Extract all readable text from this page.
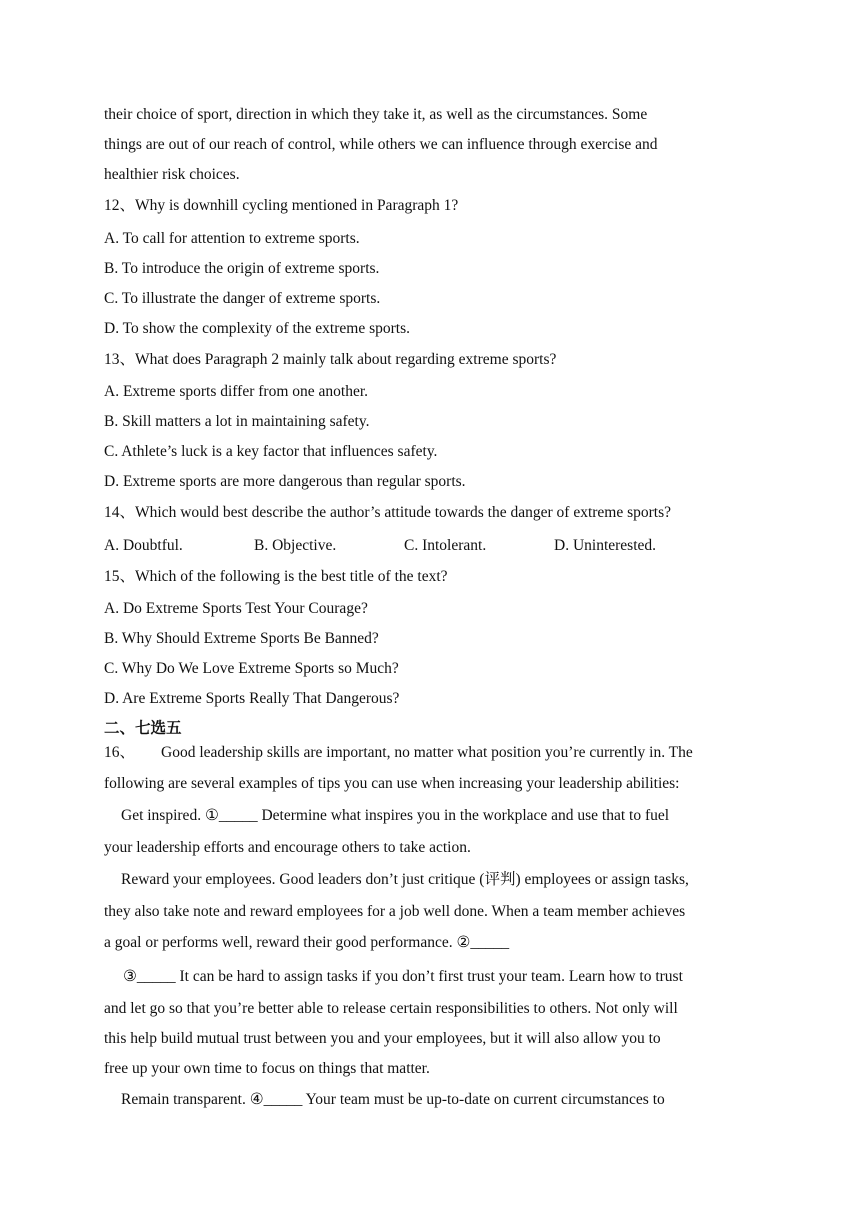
their choice of sport, direction in which they take it, as well as the circumstances. Some
things are out of our reach of control, while others we can influence through exercise and
healthier risk choices.
12、Why is downhill cycling mentioned in Paragraph 1?
A. To call for attention to extreme sports.
B. To introduce the origin of extreme sports.
C. To illustrate the danger of extreme sports.
D. To show the complexity of the extreme sports.
13、What does Paragraph 2 mainly talk about regarding extreme sports?
A. Extreme sports differ from one another.
B. Skill matters a lot in maintaining safety.
C. Athlete’s luck is a key factor that influences safety.
D. Extreme sports are more dangerous than regular sports.
14、Which would best describe the author’s attitude towards the danger of extreme sports?
A. Doubtful.	B. Objective.	C. Intolerant.	D. Uninterested.
15、Which of the following is the best title of the text?
A. Do Extreme Sports Test Your Courage?
B. Why Should Extreme Sports Be Banned?
C. Why Do We Love Extreme Sports so Much?
D. Are Extreme Sports Really That Dangerous?
二、七选五
16、 Good leadership skills are important, no matter what position you’re currently in. The
following are several examples of tips you can use when increasing your leadership abilities:
Get inspired. ①_____ Determine what inspires you in the workplace and use that to fuel
your leadership efforts and encourage others to take action.
Reward your employees. Good leaders don’t just critique (评判) employees or assign tasks,
they also take note and reward employees for a job well done. When a team member achieves
a goal or performs well, reward their good performance. ②_____
③_____ It can be hard to assign tasks if you don’t first trust your team. Learn how to trust
and let go so that you’re better able to release certain responsibilities to others. Not only will
this help build mutual trust between you and your employees, but it will also allow you to
free up your own time to focus on things that matter.
Remain transparent. ④_____ Your team must be up-to-date on current circumstances to
